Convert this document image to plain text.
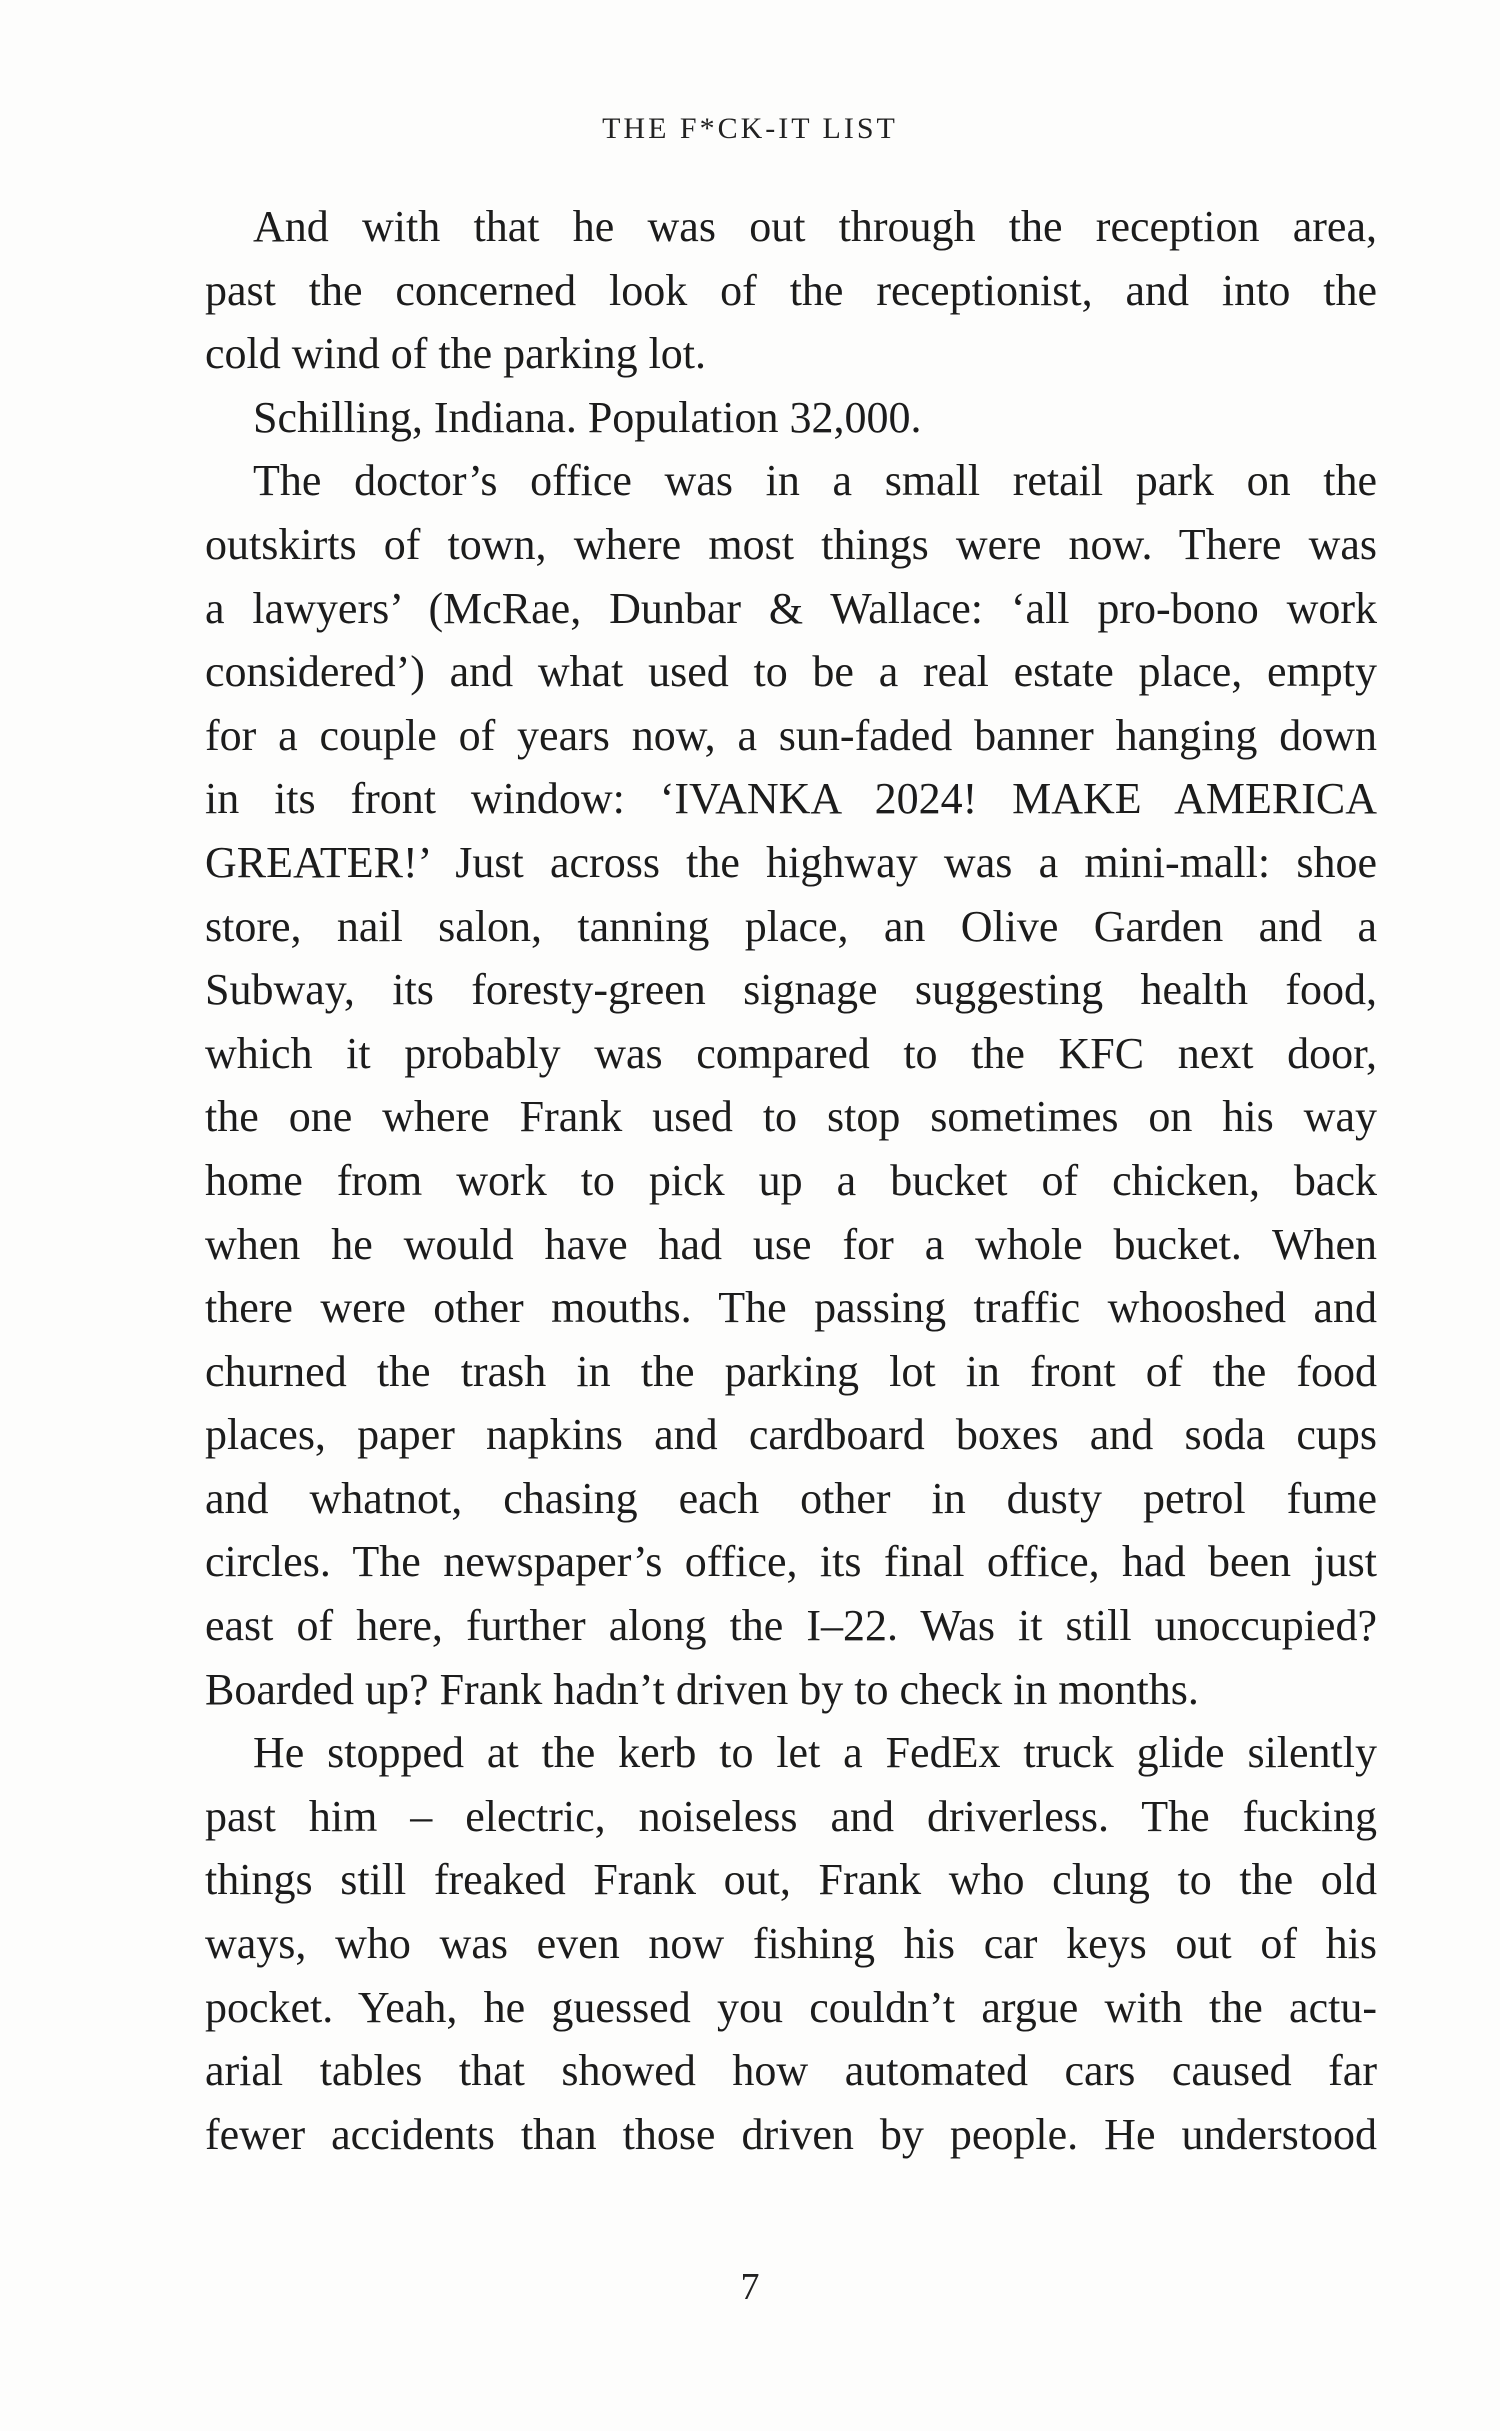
THE F*CK-IT LIST
And with that he was out through the reception area,
past the concerned look of the receptionist, and into the
cold wind of the parking lot.
Schilling, Indiana. Population 32,000.
The doctor’s office was in a small retail park on the
outskirts of town, where most things were now. There was
a lawyers’ (McRae, Dunbar & Wallace: ‘all pro-bono work
considered’) and what used to be a real estate place, empty
for a couple of years now, a sun-faded banner hanging down
in its front window: ‘IVANKA 2024! MAKE AMERICA
GREATER!’ Just across the highway was a mini-mall: shoe
store, nail salon, tanning place, an Olive Garden and a
Subway, its foresty-green signage suggesting health food,
which it probably was compared to the KFC next door,
the one where Frank used to stop sometimes on his way
home from work to pick up a bucket of chicken, back
when he would have had use for a whole bucket. When
there were other mouths. The passing traffic whooshed and
churned the trash in the parking lot in front of the food
places, paper napkins and cardboard boxes and soda cups
and whatnot, chasing each other in dusty petrol fume
circles. The newspaper’s office, its final office, had been just
east of here, further along the I–22. Was it still unoccupied?
Boarded up? Frank hadn’t driven by to check in months.
He stopped at the kerb to let a FedEx truck glide silently
past him – electric, noiseless and driverless. The fucking
things still freaked Frank out, Frank who clung to the old
ways, who was even now fishing his car keys out of his
pocket. Yeah, he guessed you couldn’t argue with the actu-
arial tables that showed how automated cars caused far
fewer accidents than those driven by people. He understood
7
